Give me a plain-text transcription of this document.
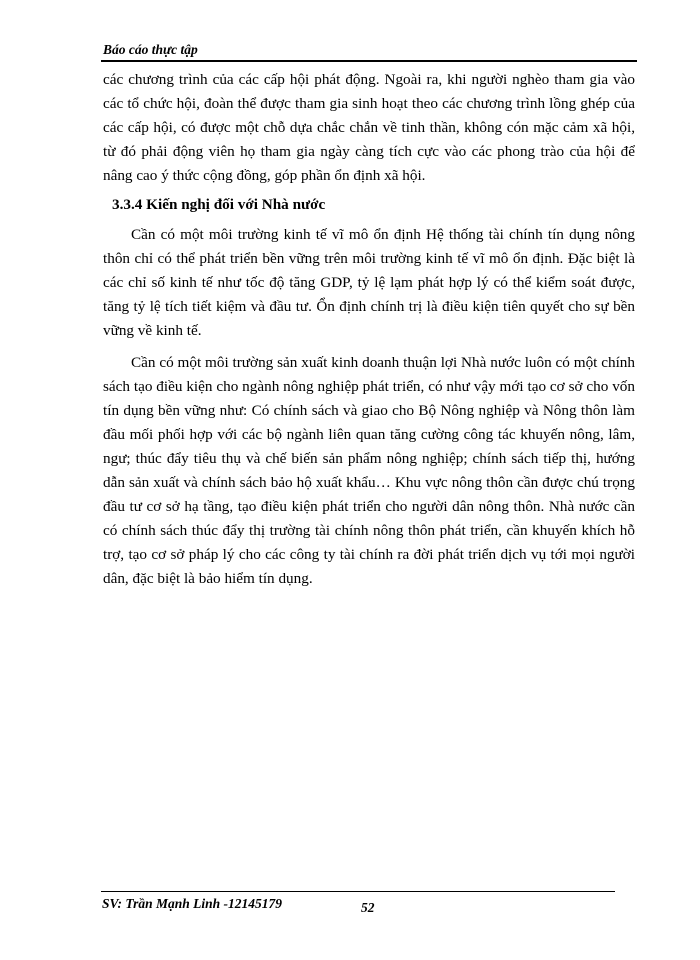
Báo cáo thực tập

các chương trình của các cấp hội phát động. Ngoài ra, khi người nghèo tham gia vào các tổ chức hội, đoàn thể được tham gia sinh hoạt theo các chương trình lồng ghép của các cấp hội, có được một chỗ dựa chắc chắn về tinh thần, không cón mặc cảm xã hội, từ đó phải động viên họ tham gia ngày càng tích cực vào các phong trào của hội để nâng cao ý thức cộng đồng, góp phần ổn định xã hội.

3.3.4 Kiến nghị đối với Nhà nước

Cần có một môi trường kinh tế vĩ mô ổn định Hệ thống tài chính tín dụng nông thôn chỉ có thể phát triển bền vững trên môi trường kinh tế vĩ mô ổn định. Đặc biệt là các chỉ số kinh tế như tốc độ tăng GDP, tỷ lệ lạm phát hợp lý có thể kiểm soát được, tăng tỷ lệ tích tiết kiệm và đầu tư. Ổn định chính trị là điều kiện tiên quyết cho sự bền vững về kinh tế.

Cần có một môi trường sản xuất kinh doanh thuận lợi Nhà nước luôn có một chính sách tạo điều kiện cho ngành nông nghiệp phát triển, có như vậy mới tạo cơ sở cho vốn tín dụng bền vững như: Có chính sách và giao cho Bộ Nông nghiệp và Nông thôn làm đầu mối phối hợp với các bộ ngành liên quan tăng cường công tác khuyến nông, lâm, ngư; thúc đẩy tiêu thụ và chế biến sản phẩm nông nghiệp; chính sách tiếp thị, hướng dẫn sản xuất và chính sách bảo hộ xuất khẩu… Khu vực nông thôn cần được chú trọng đầu tư cơ sở hạ tầng, tạo điều kiện phát triển cho người dân nông thôn. Nhà nước cần có chính sách thúc đẩy thị trường tài chính nông thôn phát triển, cần khuyến khích hỗ trợ, tạo cơ sở pháp lý cho các công ty tài chính ra đời phát triển dịch vụ tới mọi người dân, đặc biệt là bảo hiểm tín dụng.

SV: Trần Mạnh Linh -12145179	52
